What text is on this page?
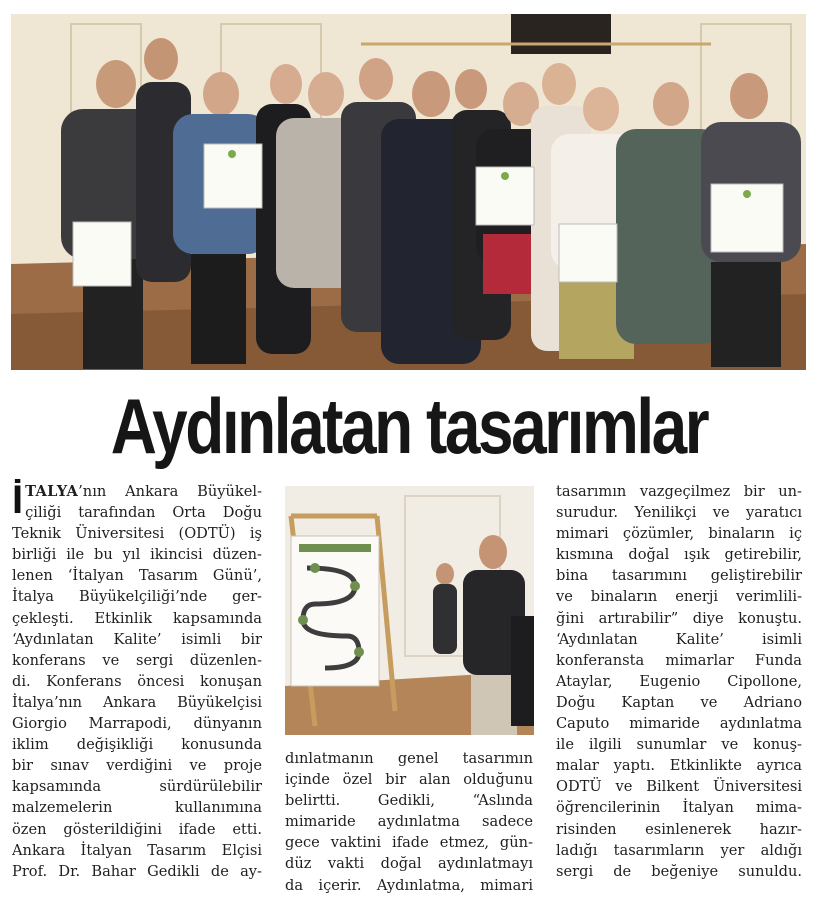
Aydınlatan tasarımlar
İ TALYA’nın Ankara Büyükel-
çiliği tarafından Orta Doğu
Teknik Üniversitesi (ODTÜ) iş
birliği ile bu yıl ikincisi düzen-
lenen ‘İtalyan Tasarım Günü’,
İtalya Büyükelçiliği’nde ger-
çekleşti. Etkinlik kapsamında
‘Aydınlatan Kalite’ isimli bir
konferans ve sergi düzenlen-
di. Konferans öncesi konuşan
İtalya’nın Ankara Büyükelçisi
Giorgio Marrapodi, dünyanın
iklim değişikliği konusunda
bir sınav verdiğini ve proje
kapsamında sürdürülebilir
malzemelerin kullanımına
özen gösterildiğini ifade etti.
Ankara İtalyan Tasarım Elçisi
Prof. Dr. Bahar Gedikli de ay-
dınlatmanın genel tasarımın
içinde özel bir alan olduğunu
belirtti. Gedikli, “Aslında
mimaride aydınlatma sadece
gece vaktini ifade etmez, gün-
düz vakti doğal aydınlatmayı
da içerir. Aydınlatma, mimari
tasarımın vazgeçilmez bir un-
surudur. Yenilikçi ve yaratıcı
mimari çözümler, binaların iç
kısmına doğal ışık getirebilir,
bina tasarımını geliştirebilir
ve binaların enerji verimlili-
ğini artırabilir” diye konuştu.
‘Aydınlatan Kalite’ isimli
konferansta mimarlar Funda
Ataylar, Eugenio Cipollone,
Doğu Kaptan ve Adriano
Caputo mimaride aydınlatma
ile ilgili sunumlar ve konuş-
malar yaptı. Etkinlikte ayrıca
ODTÜ ve Bilkent Üniversitesi
öğrencilerinin İtalyan mima-
risinden esinlenerek hazır-
ladığı tasarımların yer aldığı
sergi de beğeniye sunuldu.
